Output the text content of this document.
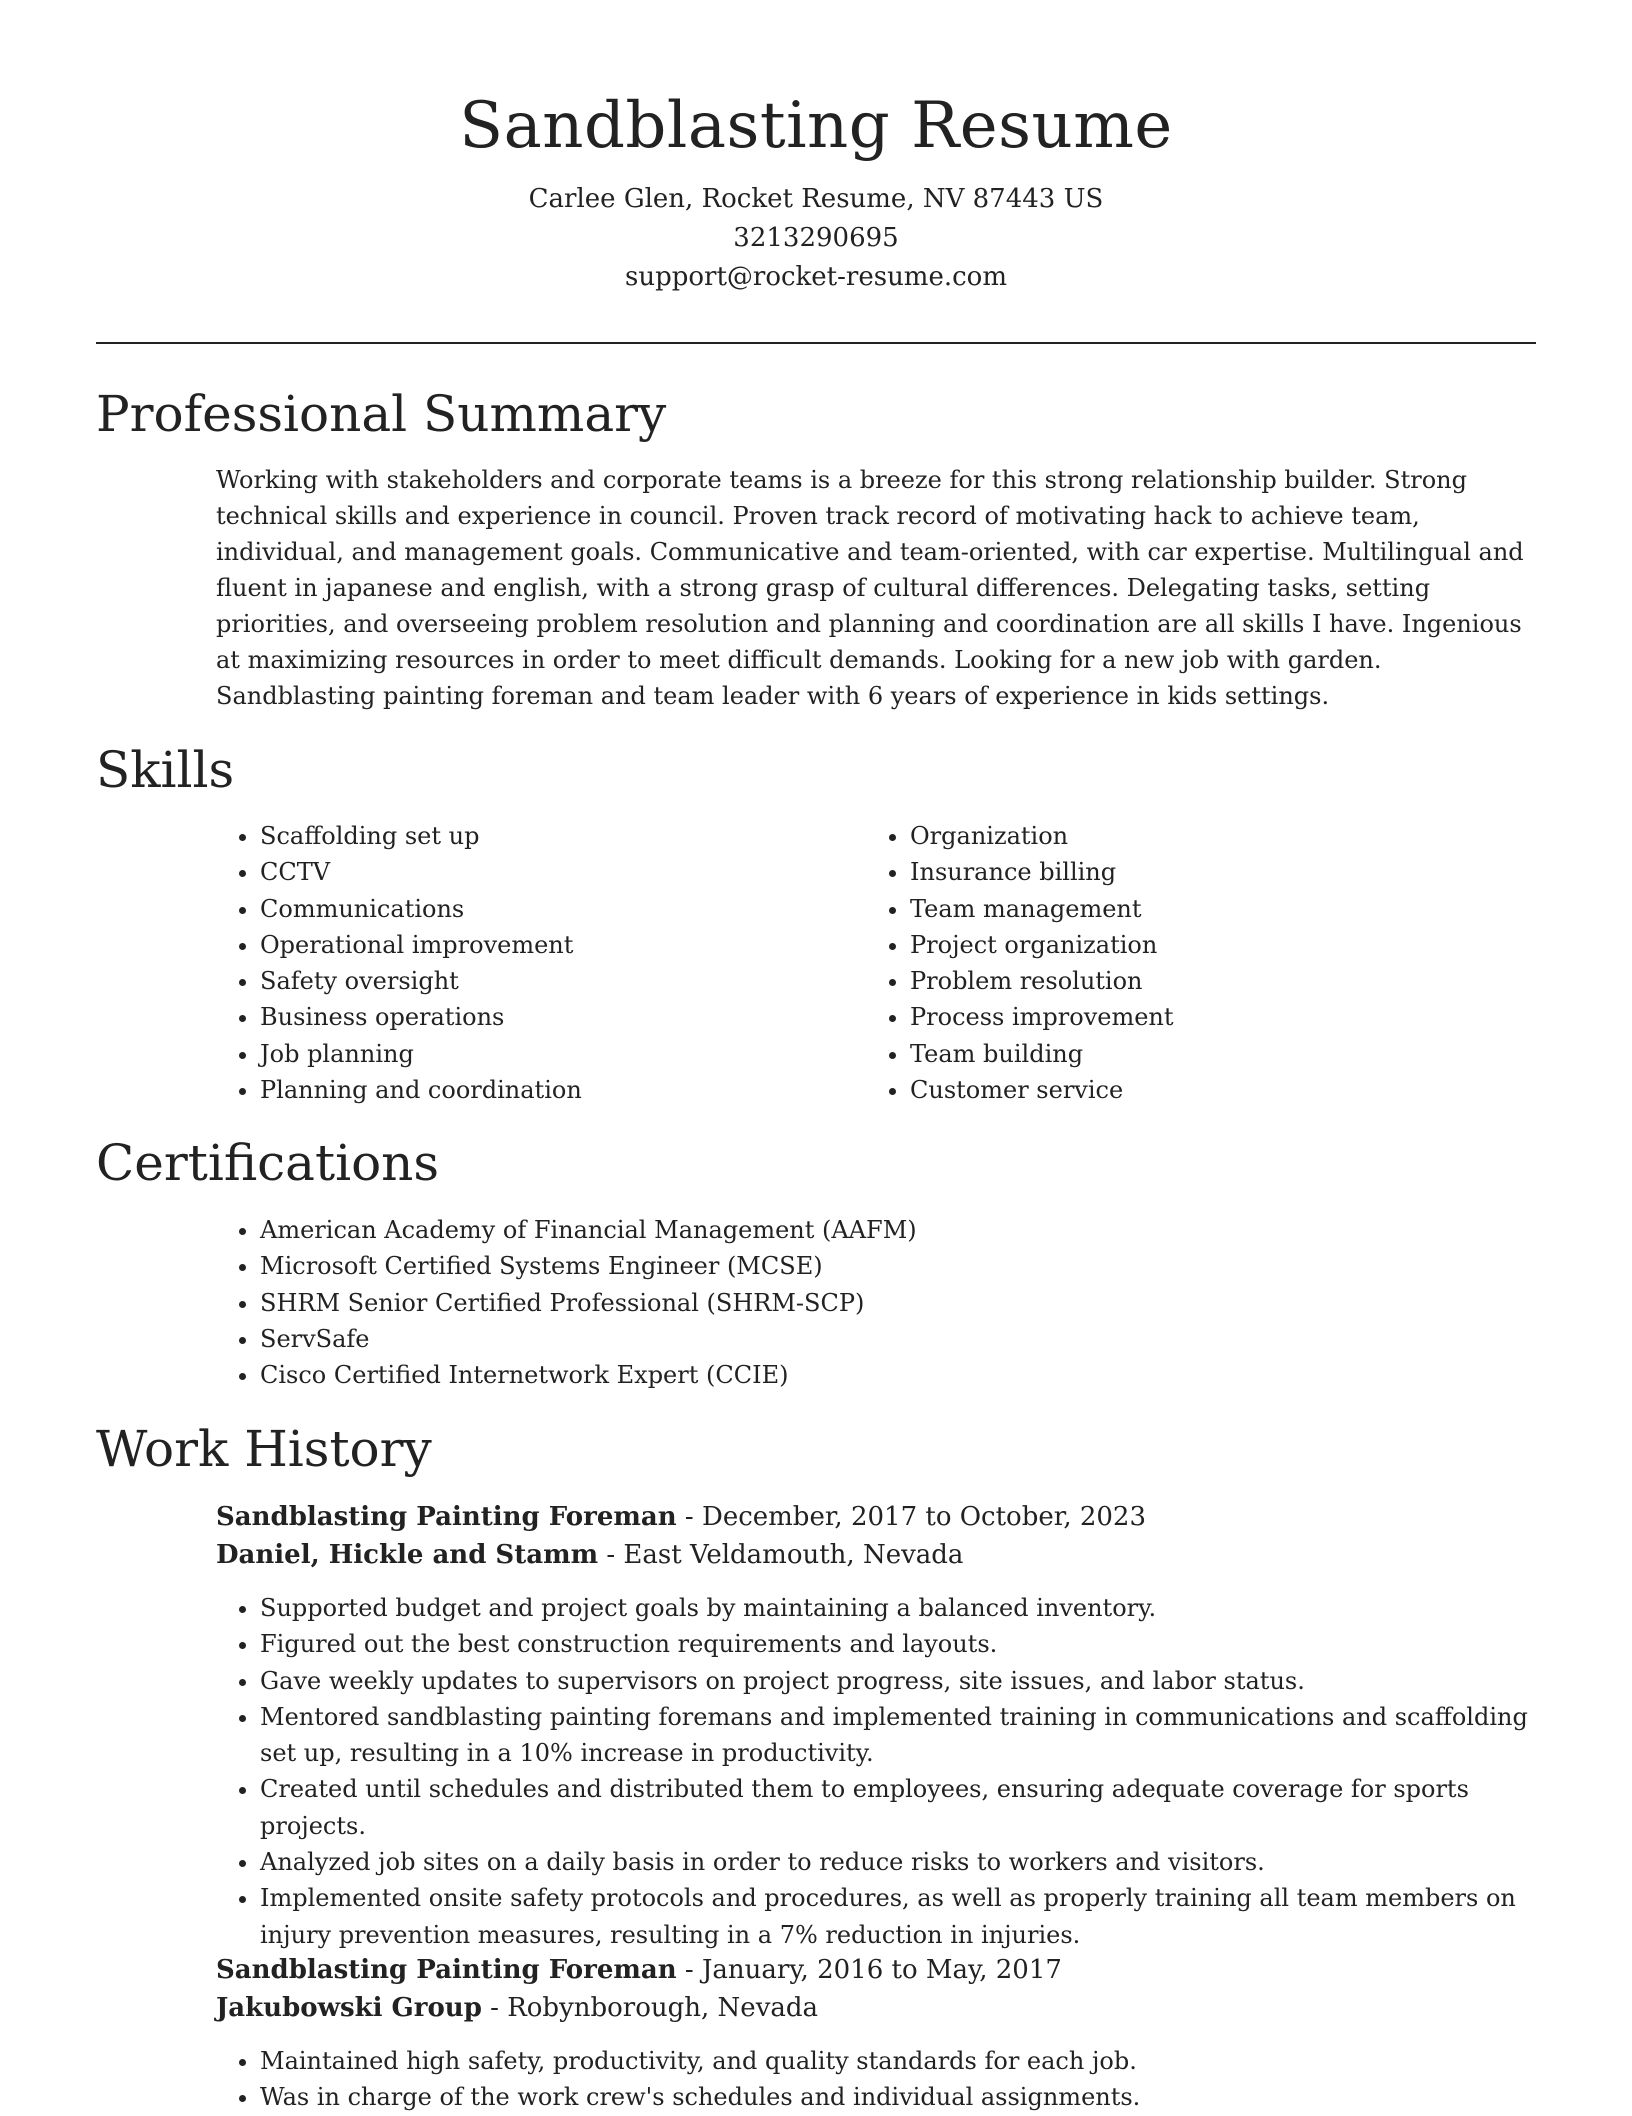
Sandblasting Resume

Carlee Glen, Rocket Resume, NV 87443 US

3213290695

support@rocket-resume.com

Professional Summary

Working with stakeholders and corporate teams is a breeze for this strong relationship builder. Strong technical skills and experience in council. Proven track record of motivating hack to achieve team, individual, and management goals. Communicative and team-oriented, with car expertise. Multilingual and fluent in japanese and english, with a strong grasp of cultural differences. Delegating tasks, setting priorities, and overseeing problem resolution and planning and coordination are all skills I have. Ingenious at maximizing resources in order to meet difficult demands. Looking for a new job with garden. Sandblasting painting foreman and team leader with 6 years of experience in kids settings.

Skills
• Scaffolding set up
• CCTV
• Communications
• Operational improvement
• Safety oversight
• Business operations
• Job planning
• Planning and coordination
• Organization
• Insurance billing
• Team management
• Project organization
• Problem resolution
• Process improvement
• Team building
• Customer service
Certifications
• American Academy of Financial Management (AAFM)
• Microsoft Certified Systems Engineer (MCSE)
• SHRM Senior Certified Professional (SHRM-SCP)
• ServSafe
• Cisco Certified Internetwork Expert (CCIE)
Work History

Sandblasting Painting Foreman - December, 2017 to October, 2023

Daniel, Hickle and Stamm - East Veldamouth, Nevada

• Supported budget and project goals by maintaining a balanced inventory.
• Figured out the best construction requirements and layouts.
• Gave weekly updates to supervisors on project progress, site issues, and labor status.
• Mentored sandblasting painting foremans and implemented training in communications and scaffolding set up, resulting in a 10% increase in productivity.
• Created until schedules and distributed them to employees, ensuring adequate coverage for sports projects.
• Analyzed job sites on a daily basis in order to reduce risks to workers and visitors.
• Implemented onsite safety protocols and procedures, as well as properly training all team members on injury prevention measures, resulting in a 7% reduction in injuries.

Sandblasting Painting Foreman - January, 2016 to May, 2017

Jakubowski Group - Robynborough, Nevada

• Maintained high safety, productivity, and quality standards for each job.
• Was in charge of the work crew's schedules and individual assignments.
